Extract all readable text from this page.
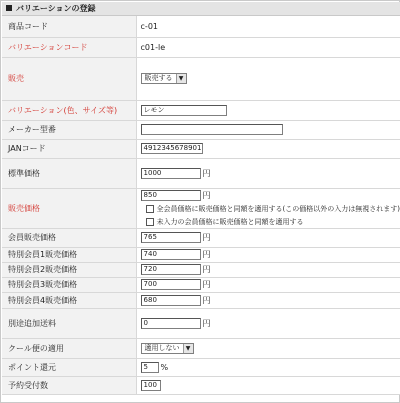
バリエーションの登録
商品コード	c-01
バリエーションコード	c01-le
販売	販売する ▼

バリエーション(色、サイズ等)	レモン
メーカー型番	
JANコード	4912345678901
標準価格	1000 円
販売価格	850 円
全会員価格に販売価格と同額を適用する(この価格以外の入力は無視されます)
未入力の会員価格に販売価格と同額を適用する

会員販売価格	765 円
特別会員1販売価格	740 円
特別会員2販売価格	720 円
特別会員3販売価格	700 円
特別会員4販売価格	680 円
別途追加送料	0 円
クール便の適用	適用しない ▼

ポイント還元	5 %
予約受付数	100
